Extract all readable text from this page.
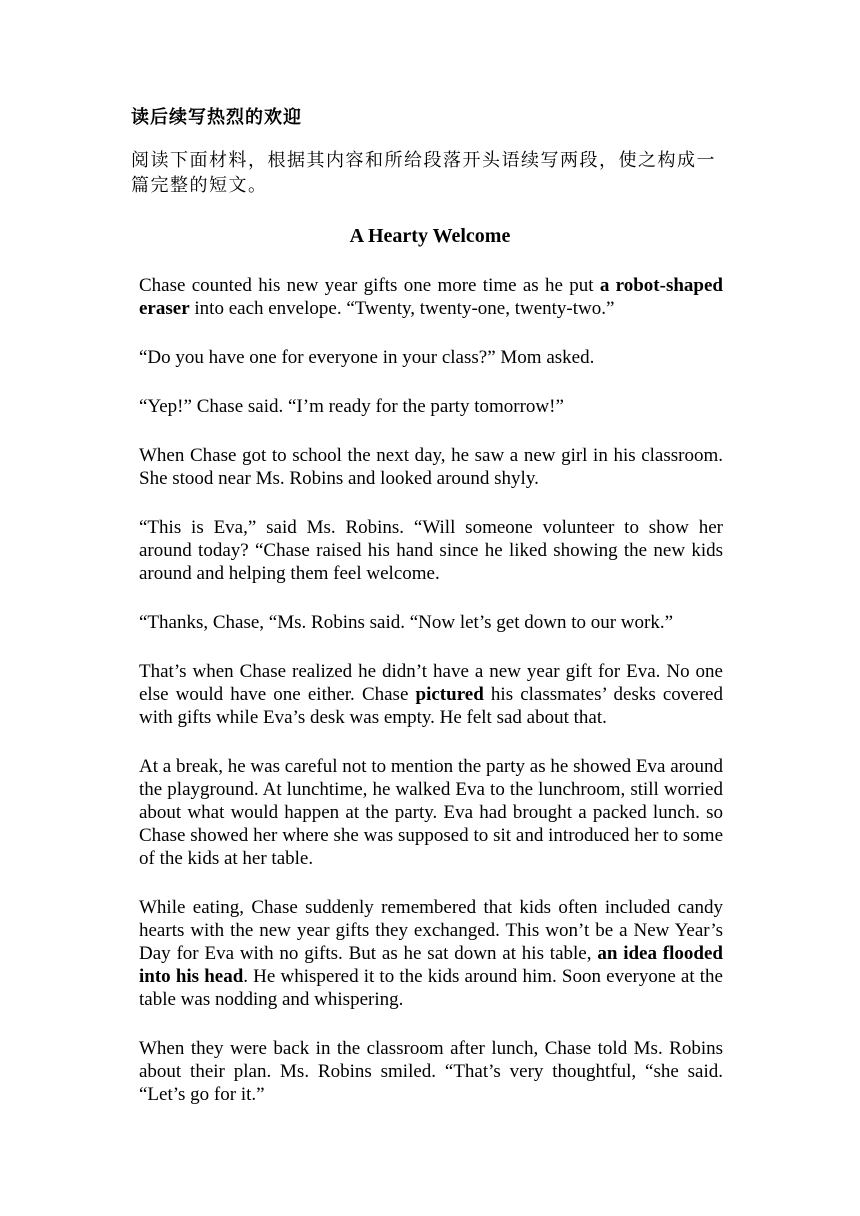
读后续写热烈的欢迎
阅读下面材料，根据其内容和所给段落开头语续写两段，使之构成一篇完整的短文。
A Hearty Welcome

Chase counted his new year gifts one more time as he put a robot-shaped eraser into each envelope. “Twenty, twenty-one, twenty-two.”

“Do you have one for everyone in your class?” Mom asked.

“Yep!” Chase said. “I’m ready for the party tomorrow!”

When Chase got to school the next day, he saw a new girl in his classroom. She stood near Ms. Robins and looked around shyly.

“This is Eva,” said Ms. Robins. “Will someone volunteer to show her around today? “Chase raised his hand since he liked showing the new kids around and helping them feel welcome.

“Thanks, Chase, “Ms. Robins said. “Now let’s get down to our work.”

That’s when Chase realized he didn’t have a new year gift for Eva. No one else would have one either. Chase pictured his classmates’ desks covered with gifts while Eva’s desk was empty. He felt sad about that.

At a break, he was careful not to mention the party as he showed Eva around the playground. At lunchtime, he walked Eva to the lunchroom, still worried about what would happen at the party. Eva had brought a packed lunch. so Chase showed her where she was supposed to sit and introduced her to some of the kids at her table.

While eating, Chase suddenly remembered that kids often included candy hearts with the new year gifts they exchanged. This won’t be a New Year’s Day for Eva with no gifts. But as he sat down at his table, an idea flooded into his head. He whispered it to the kids around him. Soon everyone at the table was nodding and whispering.

When they were back in the classroom after lunch, Chase told Ms. Robins about their plan. Ms. Robins smiled. “That’s very thoughtful, “she said. “Let’s go for it.”
